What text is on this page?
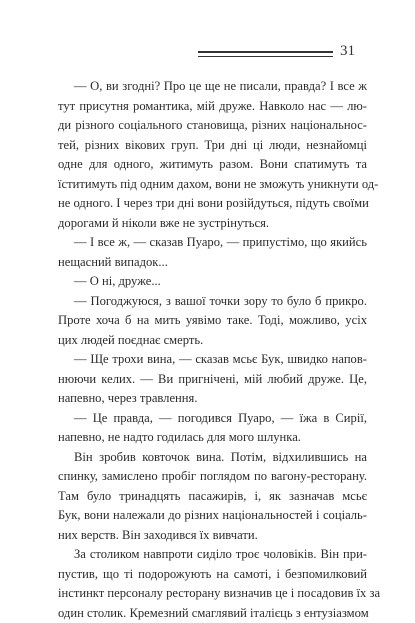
31
— О, ви згодні? Про це ще не писали, правда? І все ж
тут присутня романтика, мій друже. Навколо нас — лю-
ди різного соціального становища, різних національнос-
тей, різних вікових груп. Три дні ці люди, незнайомці
одне для одного, житимуть разом. Вони спатимуть та
їститимуть під одним дахом, вони не зможуть уникнути од-
не одного. І через три дні вони розійдуться, підуть своїми
дорогами й ніколи вже не зустрінуться.
— І все ж, — сказав Пуаро, — припустімо, що якийсь
нещасний випадок...
— О ні, друже...
— Погоджуюся, з вашої точки зору то було б прикро.
Проте хоча б на мить уявімо таке. Тоді, можливо, усіх
цих людей поєднає смерть.
— Ще трохи вина, — сказав мсьє Бук, швидко напов-
нюючи келих. — Ви пригнічені, мій любий друже. Це,
напевно, через травлення.
— Це правда, — погодився Пуаро, — їжа в Сирії,
напевно, не надто годилась для мого шлунка.
Він зробив ковточок вина. Потім, відхилившись на
спинку, замислено пробіг поглядом по вагону-ресторану.
Там було тринадцять пасажирів, і, як зазначав мсьє
Бук, вони належали до різних національностей і соціаль-
них верств. Він заходився їх вивчати.
За столиком навпроти сиділо троє чоловіків. Він при-
пустив, що ті подорожують на самоті, і безпомилковий
інстинкт персоналу ресторану визначив це і посадовив їх за
один столик. Кремезний смаглявий італієць з ентузіазмом
